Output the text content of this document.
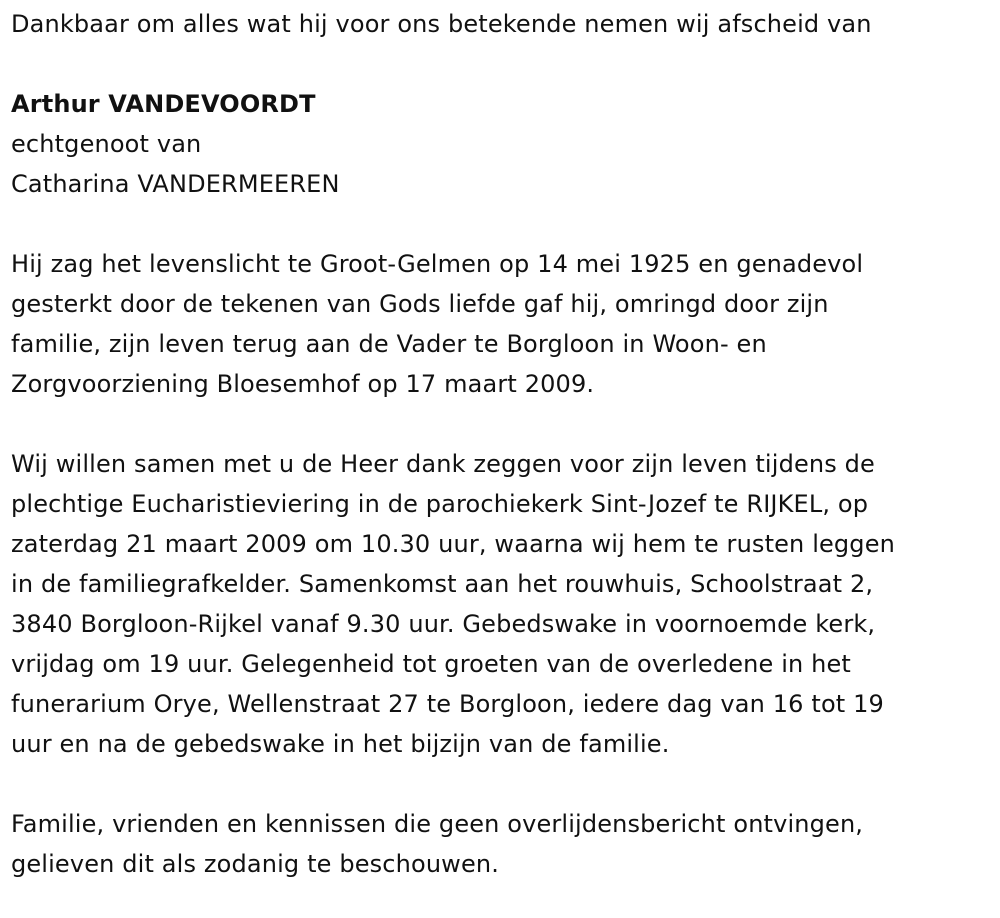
Dankbaar om alles wat hij voor ons betekende nemen wij afscheid van
Arthur VANDEVOORDT
echtgenoot van
Catharina VANDERMEEREN
Hij zag het levenslicht te Groot-Gelmen op 14 mei 1925 en genadevol
gesterkt door de tekenen van Gods liefde gaf hij, omringd door zijn
familie, zijn leven terug aan de Vader te Borgloon in Woon- en
Zorgvoorziening Bloesemhof op 17 maart 2009.
Wij willen samen met u de Heer dank zeggen voor zijn leven tijdens de
plechtige Eucharistieviering in de parochiekerk Sint-Jozef te RIJKEL, op
zaterdag 21 maart 2009 om 10.30 uur, waarna wij hem te rusten leggen
in de familiegrafkelder. Samenkomst aan het rouwhuis, Schoolstraat 2,
3840 Borgloon-Rijkel vanaf 9.30 uur. Gebedswake in voornoemde kerk,
vrijdag om 19 uur. Gelegenheid tot groeten van de overledene in het
funerarium Orye, Wellenstraat 27 te Borgloon, iedere dag van 16 tot 19
uur en na de gebedswake in het bijzijn van de familie.
Familie, vrienden en kennissen die geen overlijdensbericht ontvingen,
gelieven dit als zodanig te beschouwen.
